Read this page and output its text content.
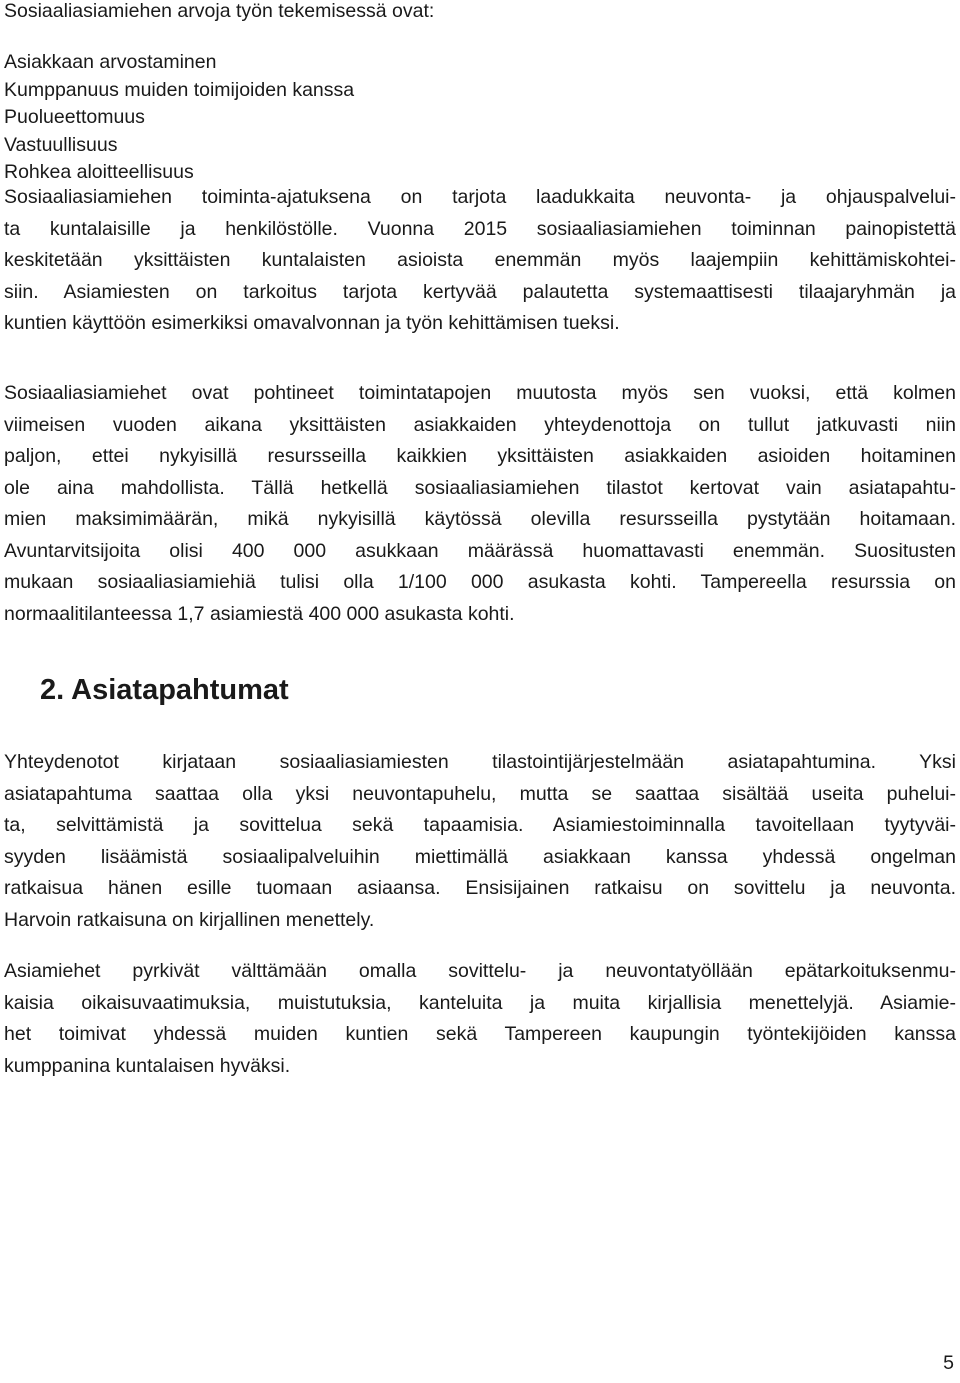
Sosiaaliasiamiehen arvoja työn tekemisessä ovat:

Asiakkaan arvostaminen
Kumppanuus muiden toimijoiden kanssa
Puolueettomuus
Vastuullisuus
Rohkea aloitteellisuus

Sosiaaliasiamiehen toiminta-ajatuksena on tarjota laadukkaita neuvonta- ja ohjauspalvelui-
ta kuntalaisille ja henkilöstölle. Vuonna 2015 sosiaaliasiamiehen toiminnan painopistettä
keskitetään yksittäisten kuntalaisten asioista enemmän myös laajempiin kehittämiskohtei-
siin. Asiamiesten on tarkoitus tarjota kertyvää palautetta systemaattisesti tilaajaryhmän ja
kuntien käyttöön esimerkiksi omavalvonnan ja työn kehittämisen tueksi.

Sosiaaliasiamiehet ovat pohtineet toimintatapojen muutosta myös sen vuoksi, että kolmen
viimeisen vuoden aikana yksittäisten asiakkaiden yhteydenottoja on tullut jatkuvasti niin
paljon, ettei nykyisillä resursseilla kaikkien yksittäisten asiakkaiden asioiden hoitaminen
ole aina mahdollista. Tällä hetkellä sosiaaliasiamiehen tilastot kertovat vain asiatapahtu-
mien maksimimäärän, mikä nykyisillä käytössä olevilla resursseilla pystytään hoitamaan.
Avuntarvitsijoita olisi 400 000 asukkaan määrässä huomattavasti enemmän. Suositusten
mukaan sosiaaliasiamiehiä tulisi olla 1/100 000 asukasta kohti. Tampereella resurssia on
normaalitilanteessa 1,7 asiamiestä 400 000 asukasta kohti.

2. Asiatapahtumat

Yhteydenotot kirjataan sosiaaliasiamiesten tilastointijärjestelmään asiatapahtumina. Yksi
asiatapahtuma saattaa olla yksi neuvontapuhelu, mutta se saattaa sisältää useita puhelui-
ta, selvittämistä ja sovittelua sekä tapaamisia. Asiamiestoiminnalla tavoitellaan tyytyväi-
syyden lisäämistä sosiaalipalveluihin miettimällä asiakkaan kanssa yhdessä ongelman
ratkaisua hänen esille tuomaan asiaansa. Ensisijainen ratkaisu on sovittelu ja neuvonta.
Harvoin ratkaisuna on kirjallinen menettely.

Asiamiehet pyrkivät välttämään omalla sovittelu- ja neuvontatyöllään epätarkoituksenmu-
kaisia oikaisuvaatimuksia, muistutuksia, kanteluita ja muita kirjallisia menettelyjä. Asiamie-
het toimivat yhdessä muiden kuntien sekä Tampereen kaupungin työntekijöiden kanssa
kumppanina kuntalaisen hyväksi.

5
